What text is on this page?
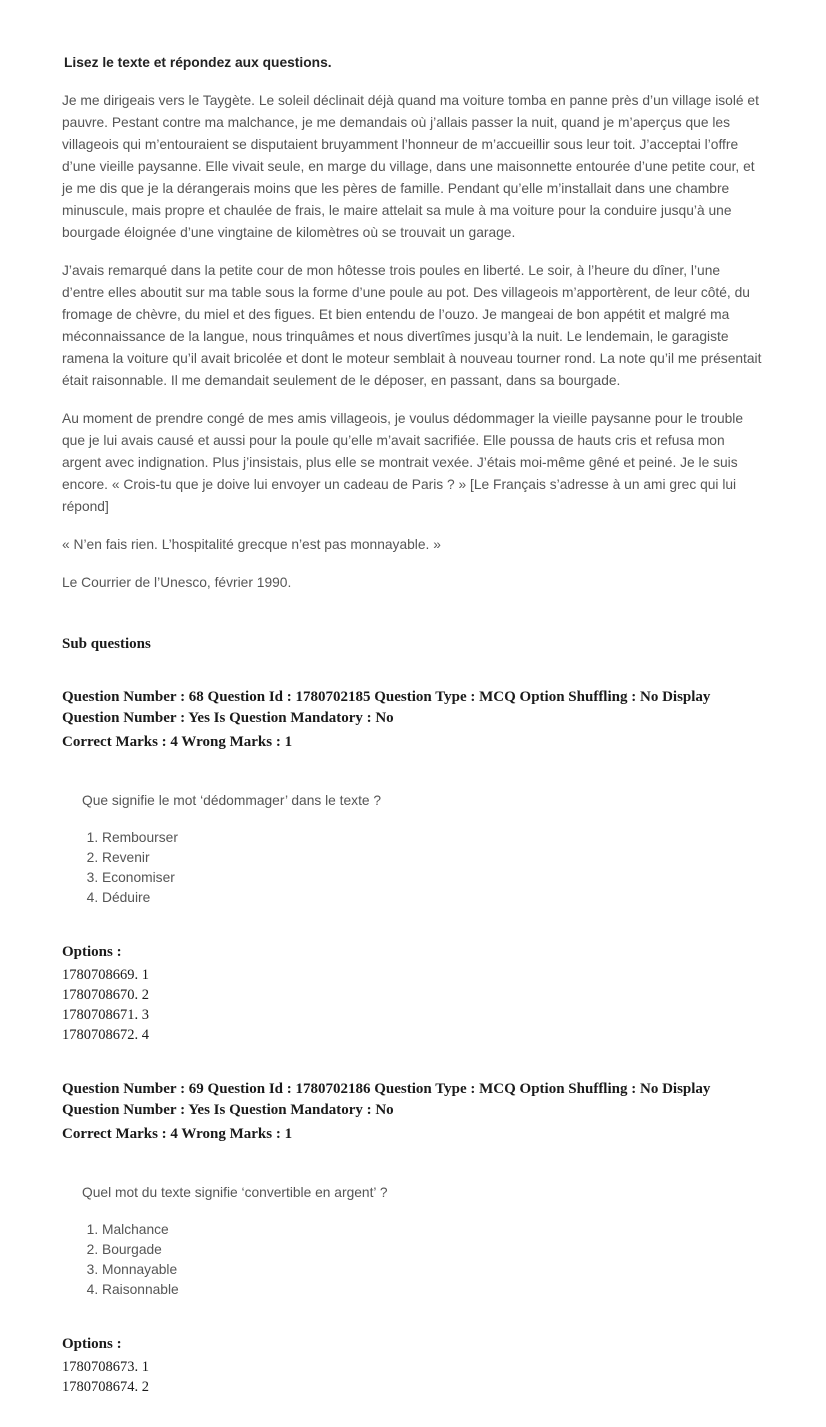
Lisez le texte et répondez aux questions.

Je me dirigeais vers le Taygète. Le soleil déclinait déjà quand ma voiture tomba en panne près d’un village isolé et pauvre. Pestant contre ma malchance, je me demandais où j’allais passer la nuit, quand je m’aperçus que les villageois qui m’entouraient se disputaient bruyamment l’honneur de m’accueillir sous leur toit. J’acceptai l’offre d’une vieille paysanne. Elle vivait seule, en marge du village, dans une maisonnette entourée d’une petite cour, et je me dis que je la dérangerais moins que les pères de famille. Pendant qu’elle m’installait dans une chambre minuscule, mais propre et chaulée de frais, le maire attelait sa mule à ma voiture pour la conduire jusqu’à une bourgade éloignée d’une vingtaine de kilomètres où se trouvait un garage.

J’avais remarqué dans la petite cour de mon hôtesse trois poules en liberté. Le soir, à l’heure du dîner, l’une d’entre elles aboutit sur ma table sous la forme d’une poule au pot. Des villageois m’apportèrent, de leur côté, du fromage de chèvre, du miel et des figues. Et bien entendu de l’ouzo. Je mangeai de bon appétit et malgré ma méconnaissance de la langue, nous trinquâmes et nous divertîmes jusqu’à la nuit. Le lendemain, le garagiste ramena la voiture qu’il avait bricolée et dont le moteur semblait à nouveau tourner rond. La note qu’il me présentait était raisonnable. Il me demandait seulement de le déposer, en passant, dans sa bourgade.

Au moment de prendre congé de mes amis villageois, je voulus dédommager la vieille paysanne pour le trouble que je lui avais causé et aussi pour la poule qu’elle m’avait sacrifiée. Elle poussa de hauts cris et refusa mon argent avec indignation. Plus j’insistais, plus elle se montrait vexée. J’étais moi-même gêné et peiné. Je le suis encore. « Crois-tu que je doive lui envoyer un cadeau de Paris ? » [Le Français s’adresse à un ami grec qui lui répond]

« N’en fais rien. L’hospitalité grecque n’est pas monnayable. »

Le Courrier de l’Unesco, février 1990.

Sub questions

Question Number : 68 Question Id : 1780702185 Question Type : MCQ Option Shuffling : No Display Question Number : Yes Is Question Mandatory : No

Correct Marks : 4 Wrong Marks : 1

Que signifie le mot ‘dédommager’ dans le texte ?

1. Rembourser
2. Revenir
3. Economiser
4. Déduire

Options :

1780708669. 1
1780708670. 2
1780708671. 3
1780708672. 4

Question Number : 69 Question Id : 1780702186 Question Type : MCQ Option Shuffling : No Display Question Number : Yes Is Question Mandatory : No

Correct Marks : 4 Wrong Marks : 1

Quel mot du texte signifie ‘convertible en argent’ ?

1. Malchance
2. Bourgade
3. Monnayable
4. Raisonnable

Options :

1780708673. 1
1780708674. 2
